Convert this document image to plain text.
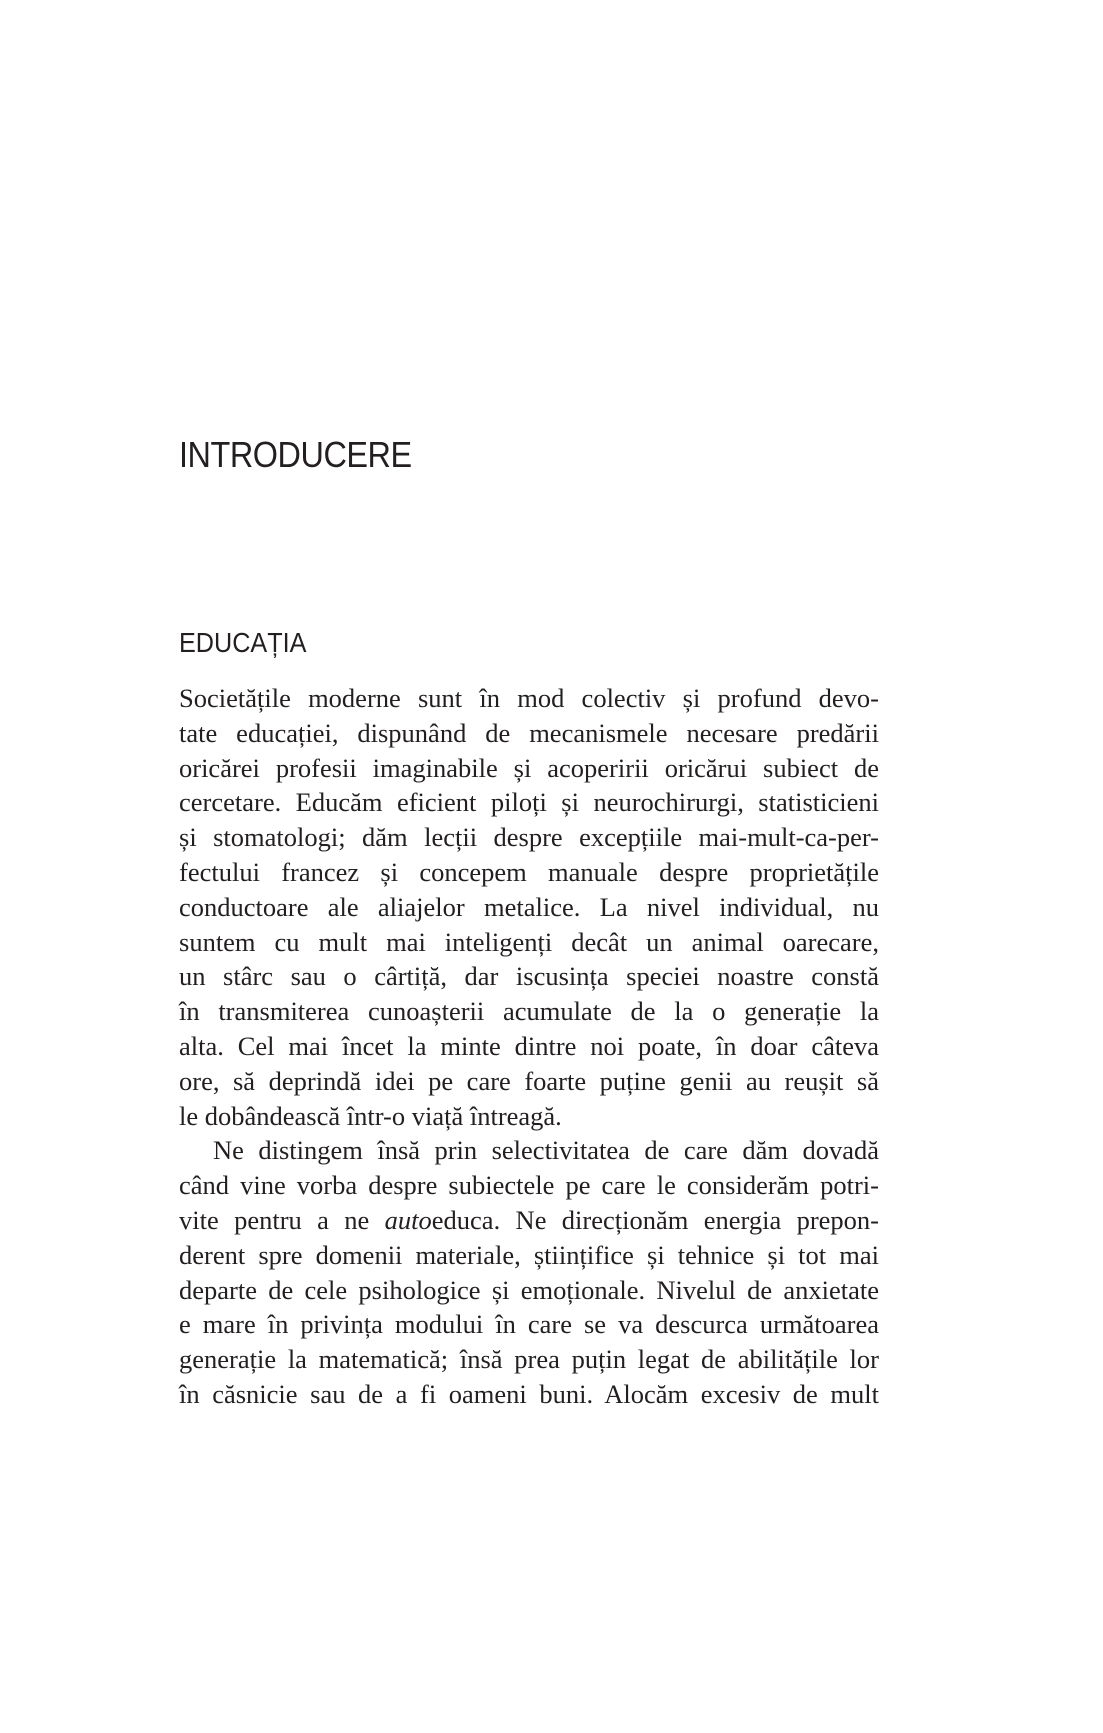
INTRODUCERE
EDUCAȚIA
Societățile moderne sunt în mod colectiv și profund devo-
tate educației, dispunând de mecanismele necesare predării
oricărei profesii imaginabile și acoperirii oricărui subiect de
cercetare. Educăm eficient piloți și neurochirurgi, statisticieni
și stomatologi; dăm lecții despre excepțiile mai-mult-ca-per-
fectului francez și concepem manuale despre proprietățile
conductoare ale aliajelor metalice. La nivel individual, nu
suntem cu mult mai inteligenți decât un animal oarecare,
un stârc sau o cârtiță, dar iscusința speciei noastre constă
în transmiterea cunoașterii acumulate de la o generație la
alta. Cel mai încet la minte dintre noi poate, în doar câteva
ore, să deprindă idei pe care foarte puține genii au reușit să
le dobândească într-o viață întreagă.
Ne distingem însă prin selectivitatea de care dăm dovadă
când vine vorba despre subiectele pe care le considerăm potri-
vite pentru a ne autoeduca. Ne direcționăm energia prepon-
derent spre domenii materiale, științifice și tehnice și tot mai
departe de cele psihologice și emoționale. Nivelul de anxietate
e mare în privința modului în care se va descurca următoarea
generație la matematică; însă prea puțin legat de abilitățile lor
în căsnicie sau de a fi oameni buni. Alocăm excesiv de mult
